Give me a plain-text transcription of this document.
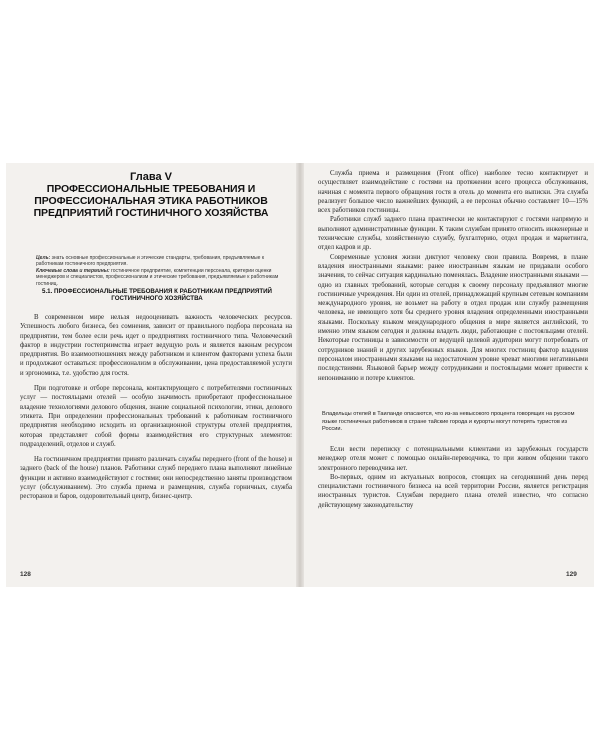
Глава V
ПРОФЕССИОНАЛЬНЫЕ ТРЕБОВАНИЯ И ПРОФЕССИОНАЛЬНАЯ ЭТИКА РАБОТНИКОВ ПРЕДПРИЯТИЙ ГОСТИНИЧНОГО ХОЗЯЙСТВА
Цель: знать основные профессиональные и этические стандарты, требования, предъявляемые к работникам гостиничного предприятия.
Ключевые слова и термины: гостиничное предприятие, компетенции персонала, критерии оценки менеджеров и специалистов, профессионализм и этические требования, предъявляемые к работникам гостиниц.
5.1. ПРОФЕССИОНАЛЬНЫЕ ТРЕБОВАНИЯ К РАБОТНИКАМ ПРЕДПРИЯТИЙ ГОСТИНИЧНОГО ХОЗЯЙСТВА

В современном мире нельзя недооценивать важность человеческих ресурсов. Успешность любого бизнеса, без сомнения, зависит от правильного подбора персонала на предприятии, тем более если речь идет о предприятиях гостиничного типа. Человеческий фактор в индустрии гостеприимства играет ведущую роль и является важным ресурсом предприятия. Во взаимоотношениях между работником и клиентом факторами успеха были и продолжают оставаться: профессионализм в обслуживании, цена предоставляемой услуги и эргономика, т.е. удобство для гостя.

При подготовке и отборе персонала, контактирующего с потребителями гостиничных услуг — постояльцами отелей — особую значимость приобретают профессиональное владение технологиями делового общения, знание социальной психологии, этики, делового этикета. При определении профессиональных требований к работникам гостиничного предприятия необходимо исходить из организационной структуры отелей предприятия, которая представляет собой формы взаимодействия его структурных элементов: подразделений, отделов и служб.

На гостиничном предприятии принято различать службы переднего (front of the house) и заднего (back of the house) планов. Работники служб переднего плана выполняют линейные функции и активно взаимодействуют с гостями; они непосредственно заняты производством услуг (обслуживанием). Это служба приема и размещения, служба горничных, служба ресторанов и баров, оздоровительный центр, бизнес-центр.

128

Служба приема и размещения (Front office) наиболее тесно контактирует и осуществляет взаимодействие с гостями на протяжении всего процесса обслуживания, начиная с момента первого обращения гостя в отель до момента его выписки. Эта служба реализует большое число важнейших функций, а ее персонал обычно составляет 10—15% всех работников гостиницы.

Работники служб заднего плана практически не контактируют с гостями напрямую и выполняют административные функции. К таким службам принято относить инженерные и технические службы, хозяйственную службу, бухгалтерию, отдел продаж и маркетинга, отдел кадров и др.

Современные условия жизни диктуют человеку свои правила. Вовремя, в плане владения иностранными языками: ранее иностранным языкам не придавали особого значения, то сейчас ситуация кардинально поменялась. Владение иностранными языками — одно из главных требований, которые сегодня к своему персоналу предъявляют многие гостиничные учреждения. Ни один из отелей, принадлежащий крупным сетевым компаниям международного уровня, не возьмет на работу в отдел продаж или службу размещения человека, не имеющего хотя бы среднего уровня владения определенными иностранными языками. Поскольку языком международного общения в мире является английский, то именно этим языком сегодня и должны владеть люди, работающие с постояльцами отелей. Некоторые гостиницы в зависимости от ведущей целевой аудитории могут потребовать от сотрудников знаний и других зарубежных языков. Для многих гостиниц фактор владения персоналом иностранными языками на недостаточном уровне чреват многими негативными последствиями. Языковой барьер между сотрудниками и постояльцами может привести к непониманию и потере клиентов.

Владельцы отелей в Таиланде опасаются, что из-за невысокого процента говорящих на русском языке гостиничных работников в стране тайские города и курорты могут потерять туристов из России.

Если вести переписку с потенциальными клиентами из зарубежных государств менеджер отеля может с помощью онлайн-переводчика, то при живом общении такого электронного переводчика нет.

Во-первых, одним из актуальных вопросов, стоящих на сегодняшний день перед специалистами гостиничного бизнеса на всей территории России, является регистрация иностранных туристов. Службам переднего плана отелей известно, что согласно действующему законодательству

129
